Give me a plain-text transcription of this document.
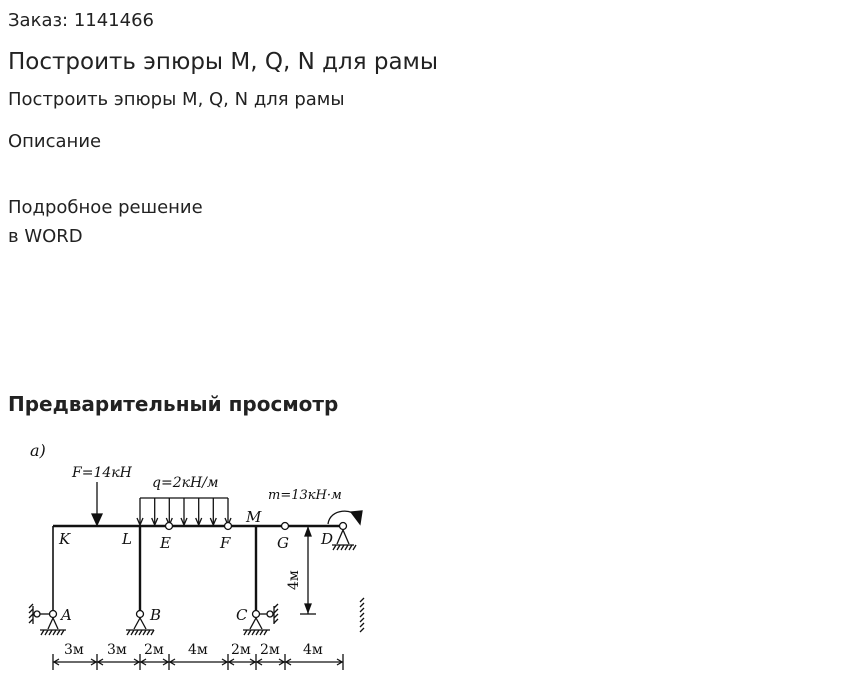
Заказ: 1141466

Построить эпюры M, Q, N для рамы

Построить эпюры M, Q, N для рамы

Описание

Подробное решение
в WORD

Предварительный просмотр
a)
F=14кН
q=2кН/м
m=13кН·м
K	L E	F
M
G D
A	B	C
4м
3м 3м 2м 4м 2м 2м 4м
